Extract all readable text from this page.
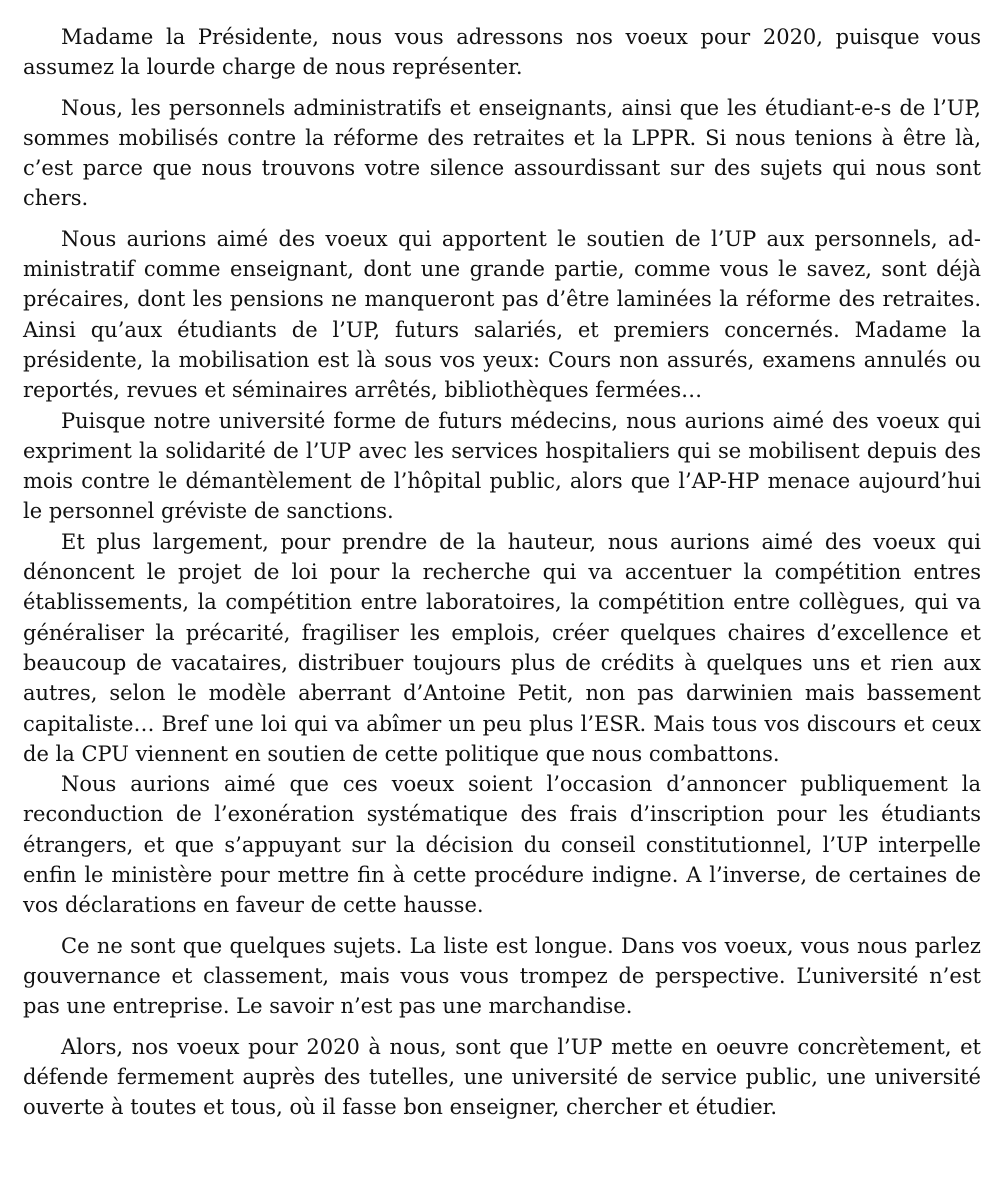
Madame la Présidente, nous vous adressons nos voeux pour 2020, puisque vous assumez la lourde charge de nous représenter.

Nous, les personnels administratifs et enseignants, ainsi que les étudiant-e-s de l’UP, sommes mobilisés contre la réforme des retraites et la LPPR. Si nous tenions à être là, c’est parce que nous trouvons votre silence assourdissant sur des sujets qui nous sont chers.

Nous aurions aimé des voeux qui apportent le soutien de l’UP aux personnels, administratif comme enseignant, dont une grande partie, comme vous le savez, sont déjà précaires, dont les pensions ne manqueront pas d’être laminées la réforme des retraites. Ainsi qu’aux étudiants de l’UP, futurs salariés, et premiers concernés. Madame la présidente, la mobilisation est là sous vos yeux: Cours non assurés, examens annulés ou reportés, revues et séminaires arrêtés, bibliothèques fermées…

Puisque notre université forme de futurs médecins, nous aurions aimé des voeux qui expriment la solidarité de l’UP avec les services hospitaliers qui se mobilisent depuis des mois contre le démantèlement de l’hôpital public, alors que l’AP-HP menace aujourd’hui le personnel gréviste de sanctions.

Et plus largement, pour prendre de la hauteur, nous aurions aimé des voeux qui dénoncent le projet de loi pour la recherche qui va accentuer la compétition entres établissements, la compétition entre laboratoires, la compétition entre collègues, qui va généraliser la précarité, fragiliser les emplois, créer quelques chaires d’excellence et beaucoup de vacataires, distribuer toujours plus de crédits à quelques uns et rien aux autres, selon le modèle aberrant d’Antoine Petit, non pas darwinien mais bassement capitaliste… Bref une loi qui va abîmer un peu plus l’ESR. Mais tous vos discours et ceux de la CPU viennent en soutien de cette politique que nous combattons.

Nous aurions aimé que ces voeux soient l’occasion d’annoncer publiquement la reconduction de l’exonération systématique des frais d’inscription pour les étudiants étrangers, et que s’appuyant sur la décision du conseil constitutionnel, l’UP interpelle enfin le ministère pour mettre fin à cette procédure indigne. A l’inverse, de certaines de vos déclarations en faveur de cette hausse.

Ce ne sont que quelques sujets. La liste est longue. Dans vos voeux, vous nous parlez gouvernance et classement, mais vous vous trompez de perspective. L’université n’est pas une entreprise. Le savoir n’est pas une marchandise.

Alors, nos voeux pour 2020 à nous, sont que l’UP mette en oeuvre concrètement, et défende fermement auprès des tutelles, une université de service public, une université ouverte à toutes et tous, où il fasse bon enseigner, chercher et étudier.
